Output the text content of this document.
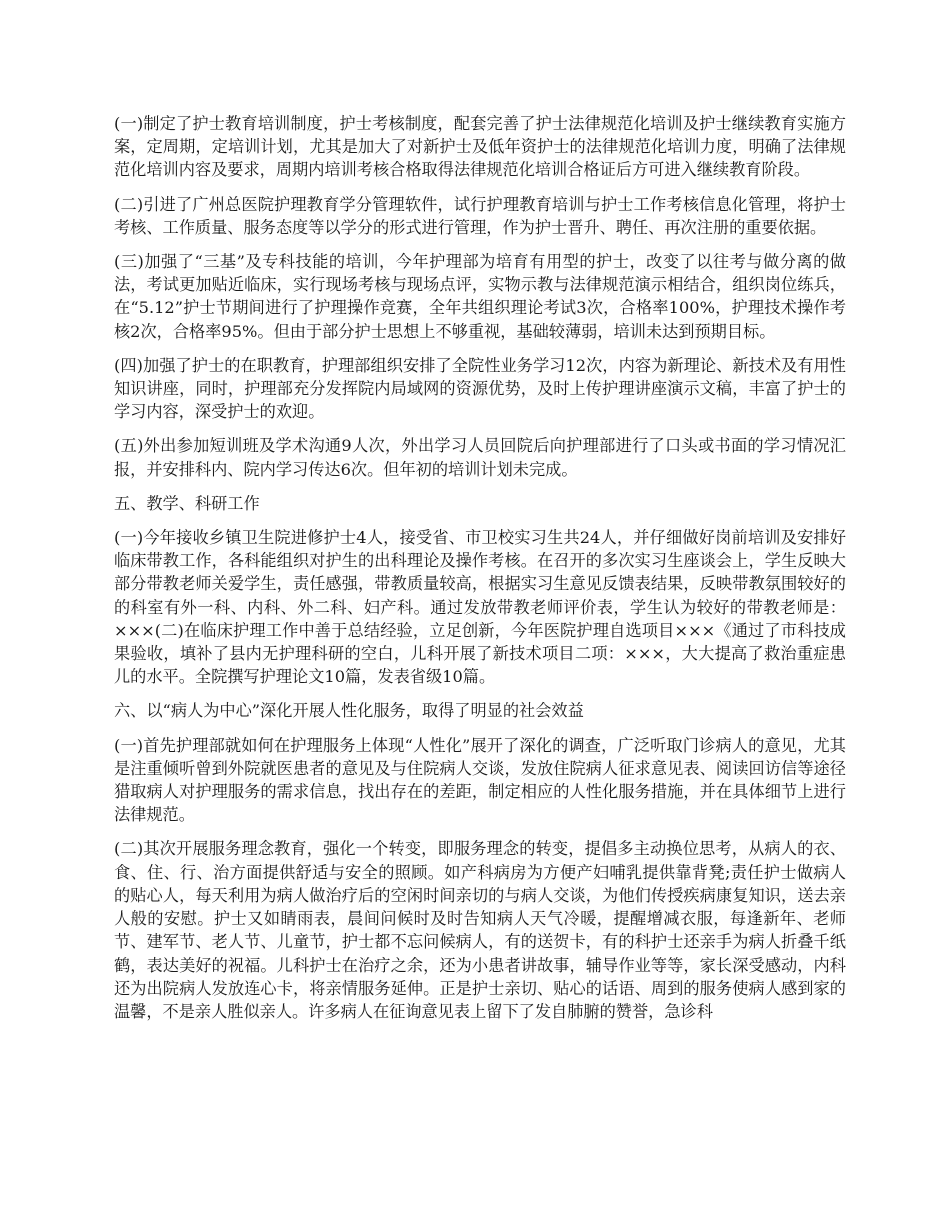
(一)制定了护士教育培训制度，护士考核制度，配套完善了护士法律规范化培训及护士继续教育实施方案，定周期，定培训计划，尤其是加大了对新护士及低年资护士的法律规范化培训力度，明确了法律规范化培训内容及要求，周期内培训考核合格取得法律规范化培训合格证后方可进入继续教育阶段。

(二)引进了广州总医院护理教育学分管理软件，试行护理教育培训与护士工作考核信息化管理，将护士考核、工作质量、服务态度等以学分的形式进行管理，作为护士晋升、聘任、再次注册的重要依据。

(三)加强了“三基”及专科技能的培训，今年护理部为培育有用型的护士，改变了以往考与做分离的做法，考试更加贴近临床，实行现场考核与现场点评，实物示教与法律规范演示相结合，组织岗位练兵，在“5.12”护士节期间进行了护理操作竞赛，全年共组织理论考试3次，合格率100%，护理技术操作考核2次，合格率95%。但由于部分护士思想上不够重视，基础较薄弱，培训未达到预期目标。

(四)加强了护士的在职教育，护理部组织安排了全院性业务学习12次，内容为新理论、新技术及有用性知识讲座，同时，护理部充分发挥院内局域网的资源优势，及时上传护理讲座演示文稿，丰富了护士的学习内容，深受护士的欢迎。

(五)外出参加短训班及学术沟通9人次，外出学习人员回院后向护理部进行了口头或书面的学习情况汇报，并安排科内、院内学习传达6次。但年初的培训计划未完成。

五、教学、科研工作

(一)今年接收乡镇卫生院进修护士4人，接受省、市卫校实习生共24人，并仔细做好岗前培训及安排好临床带教工作，各科能组织对护生的出科理论及操作考核。在召开的多次实习生座谈会上，学生反映大部分带教老师关爱学生，责任感强，带教质量较高，根据实习生意见反馈表结果，反映带教氛围较好的的科室有外一科、内科、外二科、妇产科。通过发放带教老师评价表，学生认为较好的带教老师是：×××(二)在临床护理工作中善于总结经验，立足创新，今年医院护理自选项目×××《通过了市科技成果验收，填补了县内无护理科研的空白，儿科开展了新技术项目二项：×××，大大提高了救治重症患儿的水平。全院撰写护理论文10篇，发表省级10篇。

六、以“病人为中心”深化开展人性化服务，取得了明显的社会效益

(一)首先护理部就如何在护理服务上体现“人性化”展开了深化的调查，广泛听取门诊病人的意见，尤其是注重倾听曾到外院就医患者的意见及与住院病人交谈，发放住院病人征求意见表、阅读回访信等途径猎取病人对护理服务的需求信息，找出存在的差距，制定相应的人性化服务措施，并在具体细节上进行法律规范。

(二)其次开展服务理念教育，强化一个转变，即服务理念的转变，提倡多主动换位思考，从病人的衣、食、住、行、治方面提供舒适与安全的照顾。如产科病房为方便产妇哺乳提供靠背凳;责任护士做病人的贴心人，每天利用为病人做治疗后的空闲时间亲切的与病人交谈，为他们传授疾病康复知识，送去亲人般的安慰。护士又如睛雨表，晨间问候时及时告知病人天气冷暖，提醒增减衣服，每逢新年、老师节、建军节、老人节、儿童节，护士都不忘问候病人，有的送贺卡，有的科护士还亲手为病人折叠千纸鹤，表达美好的祝福。儿科护士在治疗之余，还为小患者讲故事，辅导作业等等，家长深受感动，内科还为出院病人发放连心卡，将亲情服务延伸。正是护士亲切、贴心的话语、周到的服务使病人感到家的温馨，不是亲人胜似亲人。许多病人在征询意见表上留下了发自肺腑的赞誉，急诊科
